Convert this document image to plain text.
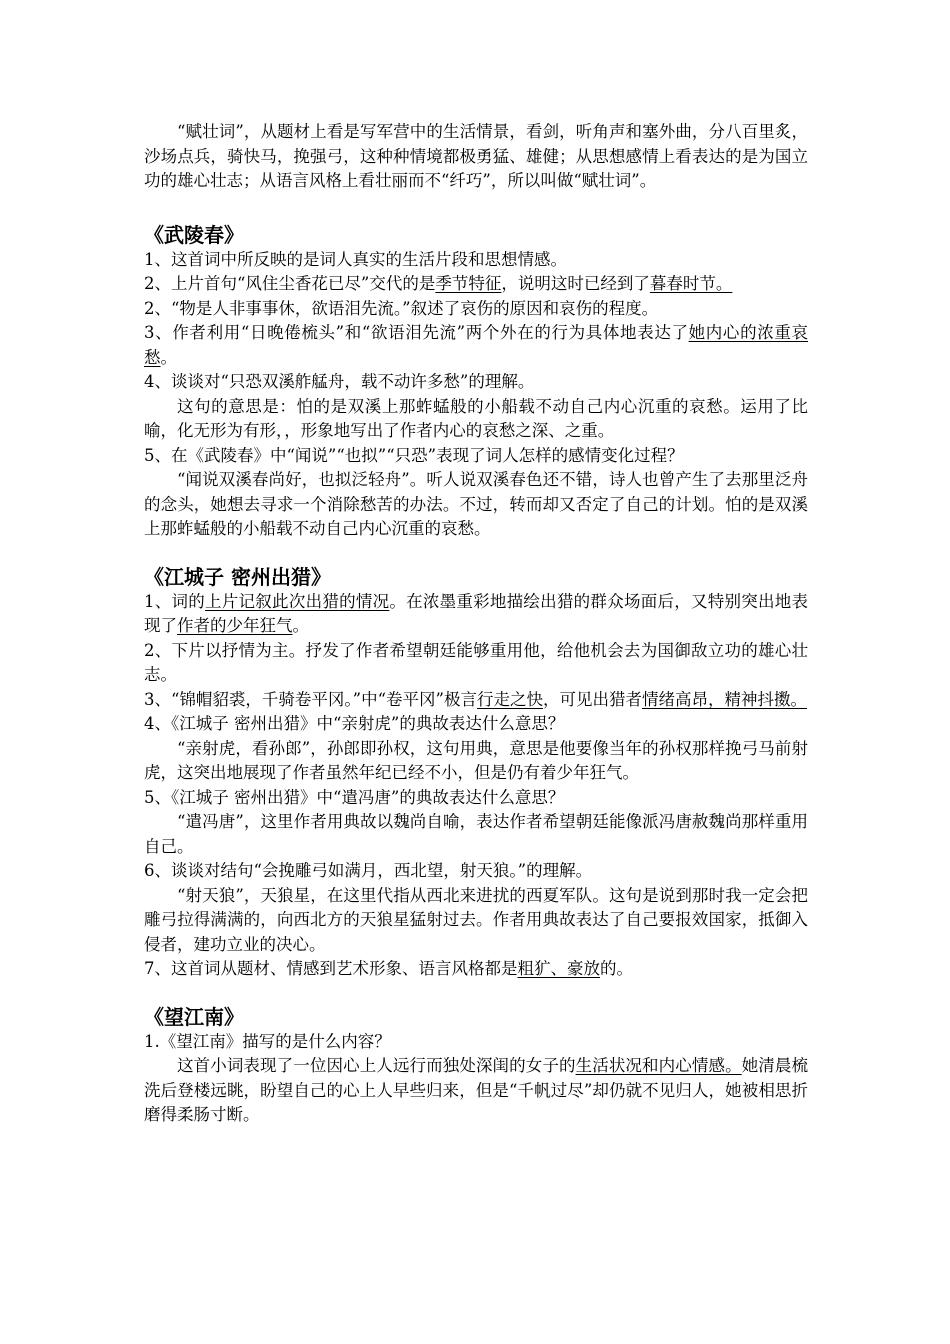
“赋壮词”，从题材上看是写军营中的生活情景，看剑，听角声和塞外曲，分八百里炙，沙场点兵，骑快马，挽强弓，这种种情境都极勇猛、雄健；从思想感情上看表达的是为国立功的雄心壮志；从语言风格上看壮丽而不“纤巧”，所以叫做“赋壮词”。

《武陵春》

1、这首词中所反映的是词人真实的生活片段和思想情感。

2、上片首句“风住尘香花已尽”交代的是季节特征，说明这时已经到了暮春时节。

2、“物是人非事事休，欲语泪先流。”叙述了哀伤的原因和哀伤的程度。

3、作者利用“日晚倦梳头”和“欲语泪先流”两个外在的行为具体地表达了她内心的浓重哀愁。

4、谈谈对“只恐双溪舴艋舟，载不动许多愁”的理解。

这句的意思是：怕的是双溪上那蚱蜢般的小船载不动自己内心沉重的哀愁。运用了比喻，化无形为有形，，形象地写出了作者内心的哀愁之深、之重。

5、在《武陵春》中“闻说”“也拟”“只恐”表现了词人怎样的感情变化过程？

“闻说双溪春尚好，也拟泛轻舟”。听人说双溪春色还不错，诗人也曾产生了去那里泛舟的念头，她想去寻求一个消除愁苦的办法。不过，转而却又否定了自己的计划。怕的是双溪上那蚱蜢般的小船载不动自己内心沉重的哀愁。

《江城子 密州出猎》

1、词的上片记叙此次出猎的情况。在浓墨重彩地描绘出猎的群众场面后，又特别突出地表现了作者的少年狂气。

2、下片以抒情为主。抒发了作者希望朝廷能够重用他，给他机会去为国御敌立功的雄心壮志。

3、“锦帽貂裘，千骑卷平冈。”中“卷平冈”极言行走之快，可见出猎者情绪高昂，精神抖擞。

4、《江城子 密州出猎》中“亲射虎”的典故表达什么意思？

“亲射虎，看孙郎”，孙郎即孙权，这句用典，意思是他要像当年的孙权那样挽弓马前射虎，这突出地展现了作者虽然年纪已经不小，但是仍有着少年狂气。

5、《江城子 密州出猎》中“遣冯唐”的典故表达什么意思？

“遣冯唐”，这里作者用典故以魏尚自喻，表达作者希望朝廷能像派冯唐赦魏尚那样重用自己。

6、谈谈对结句“会挽雕弓如满月，西北望，射天狼。”的理解。

“射天狼”，天狼星，在这里代指从西北来进扰的西夏军队。这句是说到那时我一定会把雕弓拉得满满的，向西北方的天狼星猛射过去。作者用典故表达了自己要报效国家，抵御入侵者，建功立业的决心。

7、这首词从题材、情感到艺术形象、语言风格都是粗犷、豪放的。

《望江南》

1.《望江南》描写的是什么内容？

这首小词表现了一位因心上人远行而独处深闺的女子的生活状况和内心情感。她清晨梳洗后登楼远眺，盼望自己的心上人早些归来，但是“千帆过尽”却仍就不见归人，她被相思折磨得柔肠寸断。
